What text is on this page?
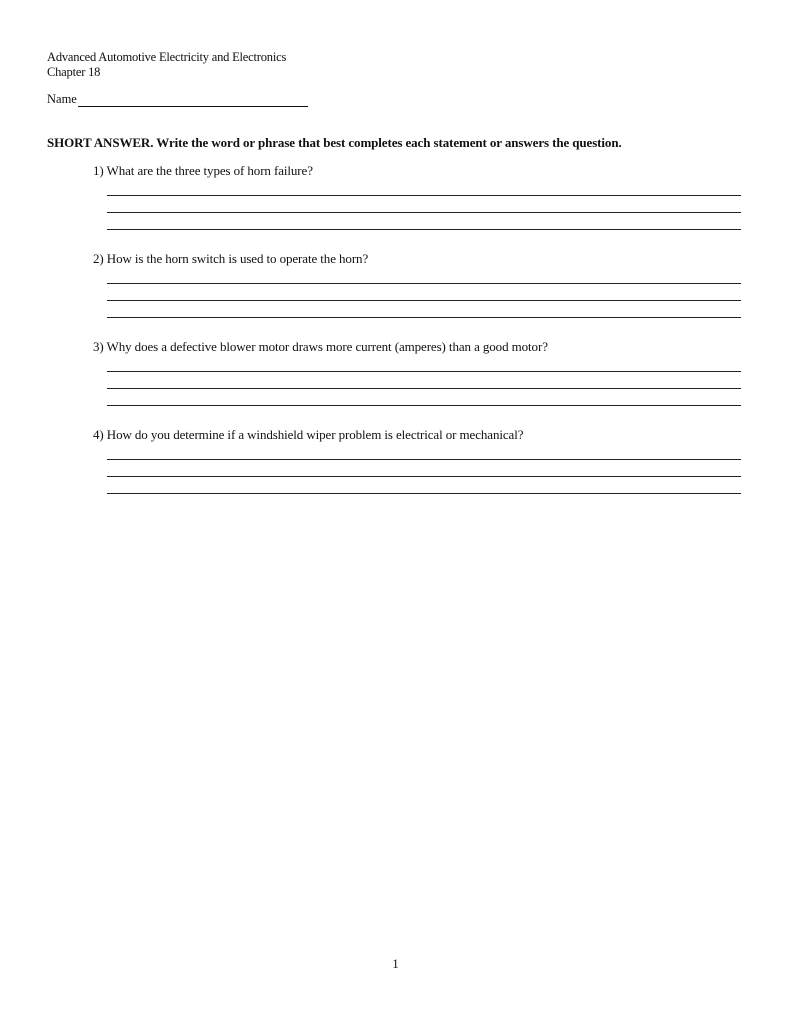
Advanced Automotive Electricity and Electronics
Chapter 18
Name
SHORT ANSWER. Write the word or phrase that best completes each statement or answers the question.
1) What are the three types of horn failure?
2) How is the horn switch is used to operate the horn?
3) Why does a defective blower motor draws more current (amperes) than a good motor?
4) How do you determine if a windshield wiper problem is electrical or mechanical?
1
